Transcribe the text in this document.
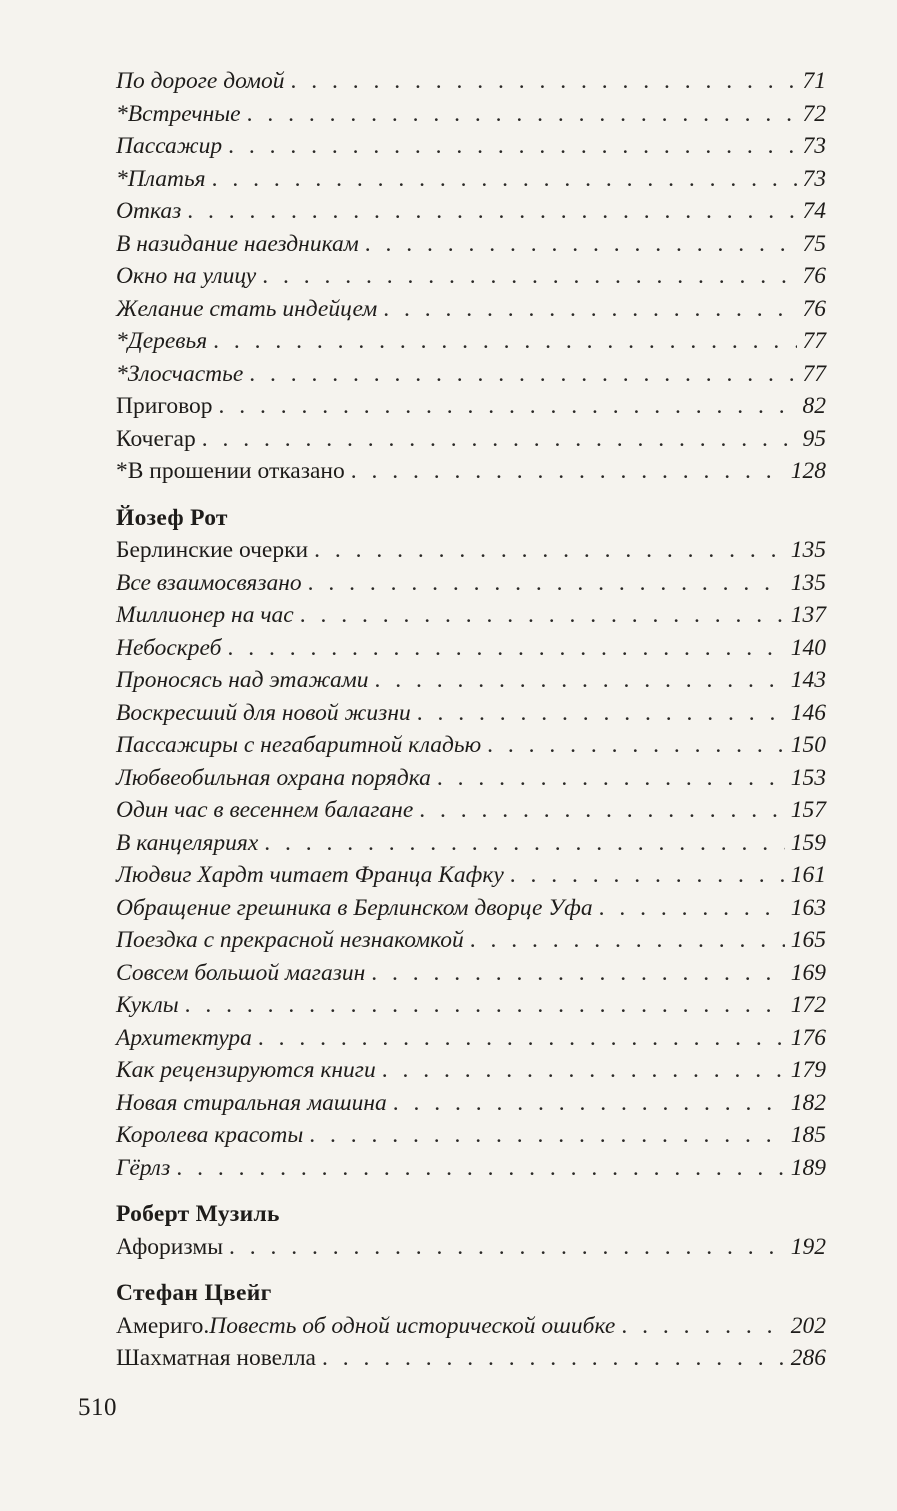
По дороге домой . . .	71
*Встречные . . .	72
Пассажир . . .	73
*Платья . . .	73
Отказ . . .	74
В назидание наездникам . . .	75
Окно на улицу . . .	76
Желание стать индейцем . . .	76
*Деревья . . .	77
*Злосчастье . . .	77
Приговор . . .	82
Кочегар . . .	95
*В прошении отказано . . .	128
Йозеф Рот
Берлинские очерки . . .	135
Все взаимосвязано . . .	135
Миллионер на час . . .	137
Небоскреб . . .	140
Проносясь над этажами . . .	143
Воскресший для новой жизни . . .	146
Пассажиры с негабаритной кладью . . .	150
Любвеобильная охрана порядка . . .	153
Один час в весеннем балагане . . .	157
В канцеляриях . . .	159
Людвиг Хардт читает Франца Кафку . . .	161
Обращение грешника в Берлинском дворце Уфа . . .	163
Поездка с прекрасной незнакомкой . . .	165
Совсем большой магазин . . .	169
Куклы . . .	172
Архитектура . . .	176
Как рецензируются книги . . .	179
Новая стиральная машина . . .	182
Королева красоты . . .	185
Гёрлз . . .	189
Роберт Музиль
Афоризмы . . .	192
Стефан Цвейг
Америго. Повесть об одной исторической ошибке . . .	202
Шахматная новелла . . .	286
510
